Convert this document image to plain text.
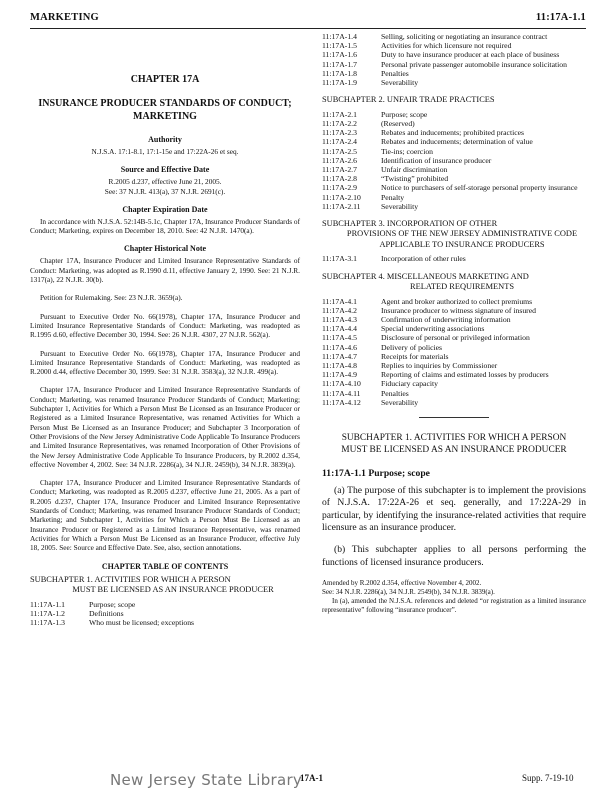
MARKETING	11:17A-1.1
CHAPTER 17A
INSURANCE PRODUCER STANDARDS OF CONDUCT; MARKETING
Authority
N.J.S.A. 17:1-8.1, 17:1-15e and 17:22A-26 et seq.
Source and Effective Date
R.2005 d.237, effective June 21, 2005.
See: 37 N.J.R. 413(a), 37 N.J.R. 2691(c).
Chapter Expiration Date
In accordance with N.J.S.A. 52:14B-5.1c, Chapter 17A, Insurance Producer Standards of Conduct; Marketing, expires on December 18, 2010. See: 42 N.J.R. 1470(a).
Chapter Historical Note
Chapter 17A, Insurance Producer and Limited Insurance Representative Standards of Conduct: Marketing, was adopted as R.1990 d.11, effective January 2, 1990. See: 21 N.J.R. 1317(a), 22 N.J.R. 30(b).
Petition for Rulemaking. See: 23 N.J.R. 3659(a).
Pursuant to Executive Order No. 66(1978), Chapter 17A, Insurance Producer and Limited Insurance Representative Standards of Conduct: Marketing, was readopted as R.1995 d.60, effective December 30, 1994. See: 26 N.J.R. 4307, 27 N.J.R. 562(a).
Pursuant to Executive Order No. 66(1978), Chapter 17A, Insurance Producer and Limited Insurance Representative Standards of Conduct: Marketing, was readopted as R.2000 d.44, effective December 30, 1999. See: 31 N.J.R. 3583(a), 32 N.J.R. 499(a).
Chapter 17A, Insurance Producer and Limited Insurance Representative Standards of Conduct; Marketing, was renamed Insurance Producer Standards of Conduct; Marketing; Subchapter 1, Activities for Which a Person Must Be Licensed as an Insurance Producer or Registered as a Limited Insurance Representative, was renamed Activities for Which a Person Must Be Licensed as an Insurance Producer; and Subchapter 3 Incorporation of Other Provisions of the New Jersey Administrative Code Applicable To Insurance Producers and Limited Insurance Representatives, was renamed Incorporation of Other Provisions of the New Jersey Administrative Code Applicable To Insurance Producers, by R.2002 d.354, effective November 4, 2002. See: 34 N.J.R. 2286(a), 34 N.J.R. 2459(b), 34 N.J.R. 3839(a).
Chapter 17A, Insurance Producer and Limited Insurance Representative Standards of Conduct; Marketing, was readopted as R.2005 d.237, effective June 21, 2005. As a part of R.2005 d.237, Chapter 17A, Insurance Producer and Limited Insurance Representative Standards of Conduct; Marketing, was renamed Insurance Producer Standards of Conduct; Marketing; and Subchapter 1, Activities for Which a Person Must Be Licensed as an Insurance Producer or Registered as a Limited Insurance Representative, was renamed Activities for Which a Person Must Be Licensed as an Insurance Producer, effective July 18, 2005. See: Source and Effective Date. See, also, section annotations.
CHAPTER TABLE OF CONTENTS
SUBCHAPTER 1. ACTIVITIES FOR WHICH A PERSON
MUST BE LICENSED AS AN INSURANCE PRODUCER
11:17A-1.1	Purpose; scope
11:17A-1.2	Definitions
11:17A-1.3	Who must be licensed; exceptions
11:17A-1.4	Selling, soliciting or negotiating an insurance contract
11:17A-1.5	Activities for which licensure not required
11:17A-1.6	Duty to have insurance producer at each place of business
11:17A-1.7	Personal private passenger automobile insurance solicitation
11:17A-1.8	Penalties
11:17A-1.9	Severability
SUBCHAPTER 2. UNFAIR TRADE PRACTICES
11:17A-2.1	Purpose; scope
11:17A-2.2	(Reserved)
11:17A-2.3	Rebates and inducements; prohibited practices
11:17A-2.4	Rebates and inducements; determination of value
11:17A-2.5	Tie-ins; coercion
11:17A-2.6	Identification of insurance producer
11:17A-2.7	Unfair discrimination
11:17A-2.8	“Twisting” prohibited
11:17A-2.9	Notice to purchasers of self-storage personal property insurance
11:17A-2.10	Penalty
11:17A-2.11	Severability
SUBCHAPTER 3. INCORPORATION OF OTHER
PROVISIONS OF THE NEW JERSEY ADMINISTRATIVE CODE APPLICABLE TO INSURANCE PRODUCERS
11:17A-3.1	Incorporation of other rules
SUBCHAPTER 4. MISCELLANEOUS MARKETING AND
RELATED REQUIREMENTS
11:17A-4.1	Agent and broker authorized to collect premiums
11:17A-4.2	Insurance producer to witness signature of insured
11:17A-4.3	Confirmation of underwriting information
11:17A-4.4	Special underwriting associations
11:17A-4.5	Disclosure of personal or privileged information
11:17A-4.6	Delivery of policies
11:17A-4.7	Receipts for materials
11:17A-4.8	Replies to inquiries by Commissioner
11:17A-4.9	Reporting of claims and estimated losses by producers
11:17A-4.10	Fiduciary capacity
11:17A-4.11	Penalties
11:17A-4.12	Severability
SUBCHAPTER 1. ACTIVITIES FOR WHICH A PERSON
MUST BE LICENSED AS AN INSURANCE PRODUCER
11:17A-1.1 Purpose; scope
(a) The purpose of this subchapter is to implement the provisions of N.J.S.A. 17:22A-26 et seq. generally, and 17:22A-29 in particular, by identifying the insurance-related activities that require licensure as an insurance producer.
(b) This subchapter applies to all persons performing the functions of licensed insurance producers.
Amended by R.2002 d.354, effective November 4, 2002.
See: 34 N.J.R. 2286(a), 34 N.J.R. 2549(b), 34 N.J.R. 3839(a).
In (a), amended the N.J.S.A. references and deleted “or registration as a limited insurance representative” following “insurance producer”.
New Jersey State Library
17A-1	Supp. 7-19-10
